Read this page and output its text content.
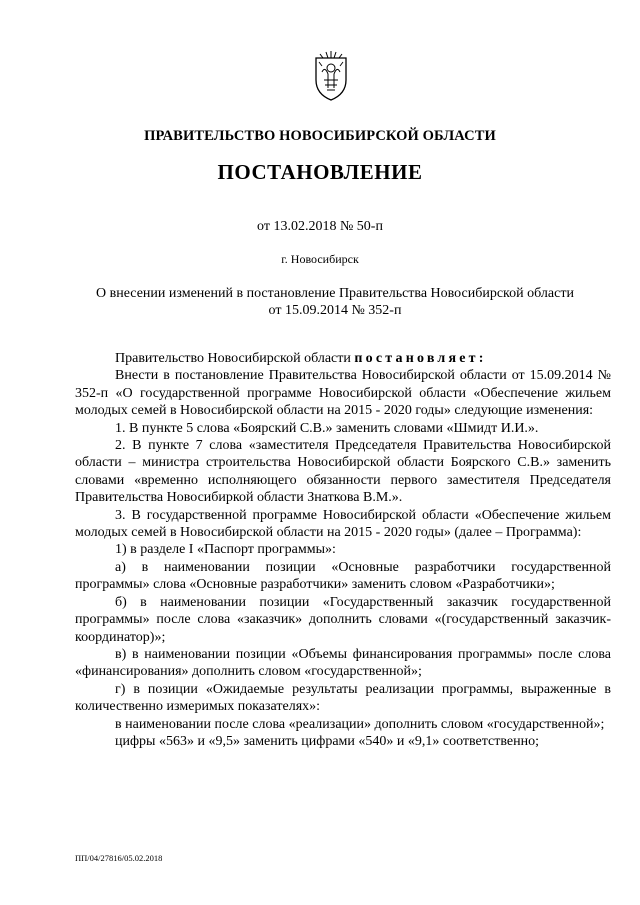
ПРАВИТЕЛЬСТВО НОВОСИБИРСКОЙ ОБЛАСТИ
ПОСТАНОВЛЕНИЕ
от 13.02.2018 № 50-п
г. Новосибирск
О внесении изменений в постановление Правительства Новосибирской области
от 15.09.2014 № 352-п

Правительство Новосибирской области постановляет:

Внести в постановление Правительства Новосибирской области от 15.09.2014 № 352-п «О государственной программе Новосибирской области «Обеспечение жильем молодых семей в Новосибирской области на 2015 - 2020 годы» следующие изменения:

1. В пункте 5 слова «Боярский С.В.» заменить словами «Шмидт И.И.».

2. В пункте 7 слова «заместителя Председателя Правительства Новосибирской области – министра строительства Новосибирской области Боярского С.В.» заменить словами «временно исполняющего обязанности первого заместителя Председателя Правительства Новосибиркой области Знаткова В.М.».

3. В государственной программе Новосибирской области «Обеспечение жильем молодых семей в Новосибирской области на 2015 - 2020 годы» (далее – Программа):

1) в разделе I «Паспорт программы»:

а) в наименовании позиции «Основные разработчики государственной программы» слова «Основные разработчики» заменить словом «Разработчики»;

б) в наименовании позиции «Государственный заказчик государственной программы» после слова «заказчик» дополнить словами «(государственный заказчик-координатор)»;

в) в наименовании позиции «Объемы финансирования программы» после слова «финансирования» дополнить словом «государственной»;

г) в позиции «Ожидаемые результаты реализации программы, выраженные в количественно измеримых показателях»:

в наименовании после слова «реализации» дополнить словом «государственной»;

цифры «563» и «9,5» заменить цифрами «540» и «9,1» соответственно;

ПП/04/27816/05.02.2018
